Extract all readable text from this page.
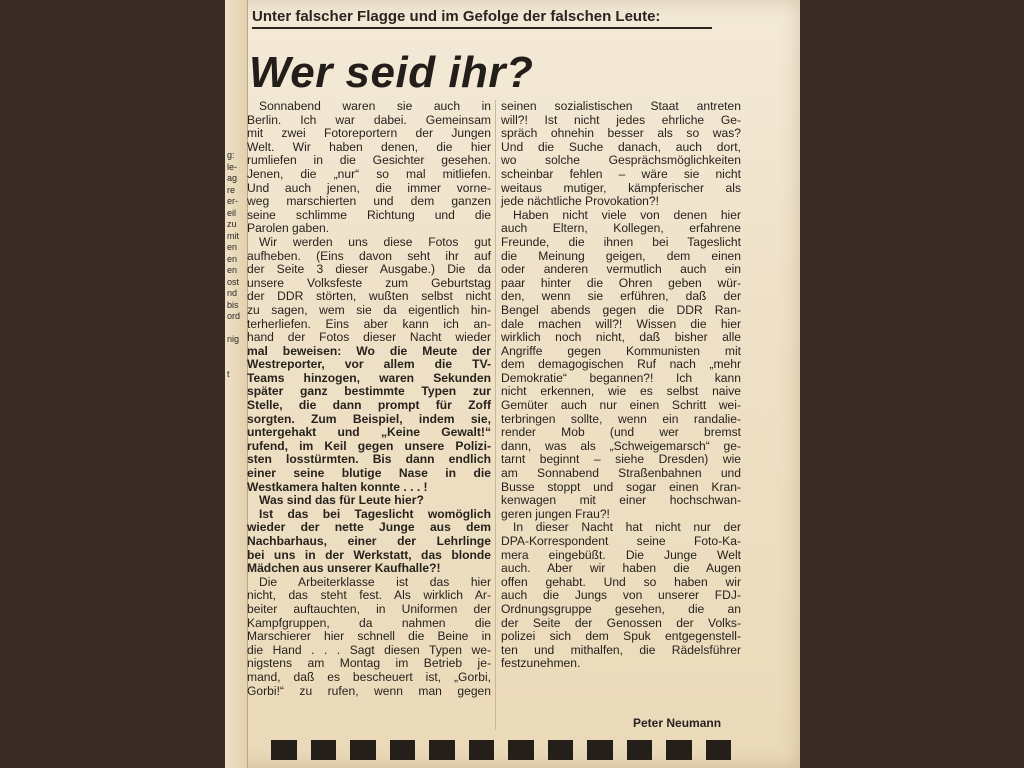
g:
le-
ag
re
er-
eil
zu
mit
en
en
en
ost
nd
bis
ord
nig
t
Unter falscher Flagge und im Gefolge der falschen Leute:
Wer seid ihr?
Sonnabend waren sie auch in
Berlin. Ich war dabei. Gemeinsam
mit zwei Fotoreportern der Jungen
Welt. Wir haben denen, die hier
rumliefen in die Gesichter gesehen.
Jenen, die „nur“ so mal mitliefen.
Und auch jenen, die immer vorne-
weg marschierten und dem ganzen
seine schlimme Richtung und die
Parolen gaben.
Wir werden uns diese Fotos gut
aufheben. (Eins davon seht ihr auf
der Seite 3 dieser Ausgabe.) Die da
unsere Volksfeste zum Geburtstag
der DDR störten, wußten selbst nicht
zu sagen, wem sie da eigentlich hin-
terherliefen. Eins aber kann ich an-
hand der Fotos dieser Nacht wieder
mal beweisen: Wo die Meute der
Westreporter, vor allem die TV-
Teams hinzogen, waren Sekunden
später ganz bestimmte Typen zur
Stelle, die dann prompt für Zoff
sorgten. Zum Beispiel, indem sie,
untergehakt und „Keine Gewalt!“
rufend, im Keil gegen unsere Polizi-
sten losstürmten. Bis dann endlich
einer seine blutige Nase in die
Westkamera halten konnte . . . !
Was sind das für Leute hier?
Ist das bei Tageslicht womöglich
wieder der nette Junge aus dem
Nachbarhaus, einer der Lehrlinge
bei uns in der Werkstatt, das blonde
Mädchen aus unserer Kaufhalle?!
Die Arbeiterklasse ist das hier
nicht, das steht fest. Als wirklich Ar-
beiter auftauchten, in Uniformen der
Kampfgruppen, da nahmen die
Marschierer hier schnell die Beine in
die Hand . . . Sagt diesen Typen we-
nigstens am Montag im Betrieb je-
mand, daß es bescheuert ist, „Gorbi,
Gorbi!“ zu rufen, wenn man gegen
seinen sozialistischen Staat antreten
will?! Ist nicht jedes ehrliche Ge-
spräch ohnehin besser als so was?
Und die Suche danach, auch dort,
wo solche Gesprächsmöglichkeiten
scheinbar fehlen – wäre sie nicht
weitaus mutiger, kämpferischer als
jede nächtliche Provokation?!
Haben nicht viele von denen hier
auch Eltern, Kollegen, erfahrene
Freunde, die ihnen bei Tageslicht
die Meinung geigen, dem einen
oder anderen vermutlich auch ein
paar hinter die Ohren geben wür-
den, wenn sie erführen, daß der
Bengel abends gegen die DDR Ran-
dale machen will?! Wissen die hier
wirklich noch nicht, daß bisher alle
Angriffe gegen Kommunisten mit
dem demagogischen Ruf nach „mehr
Demokratie“ begannen?! Ich kann
nicht erkennen, wie es selbst naive
Gemüter auch nur einen Schritt wei-
terbringen sollte, wenn ein randalie-
render Mob (und wer bremst
dann, was als „Schweigemarsch“ ge-
tarnt beginnt – siehe Dresden) wie
am Sonnabend Straßenbahnen und
Busse stoppt und sogar einen Kran-
kenwagen mit einer hochschwan-
geren jungen Frau?!
In dieser Nacht hat nicht nur der
DPA-Korrespondent seine Foto-Ka-
mera eingebüßt. Die Junge Welt
auch. Aber wir haben die Augen
offen gehabt. Und so haben wir
auch die Jungs von unserer FDJ-
Ordnungsgruppe gesehen, die an
der Seite der Genossen der Volks-
polizei sich dem Spuk entgegenstell-
ten und mithalfen, die Rädelsführer
festzunehmen.
Peter Neumann
